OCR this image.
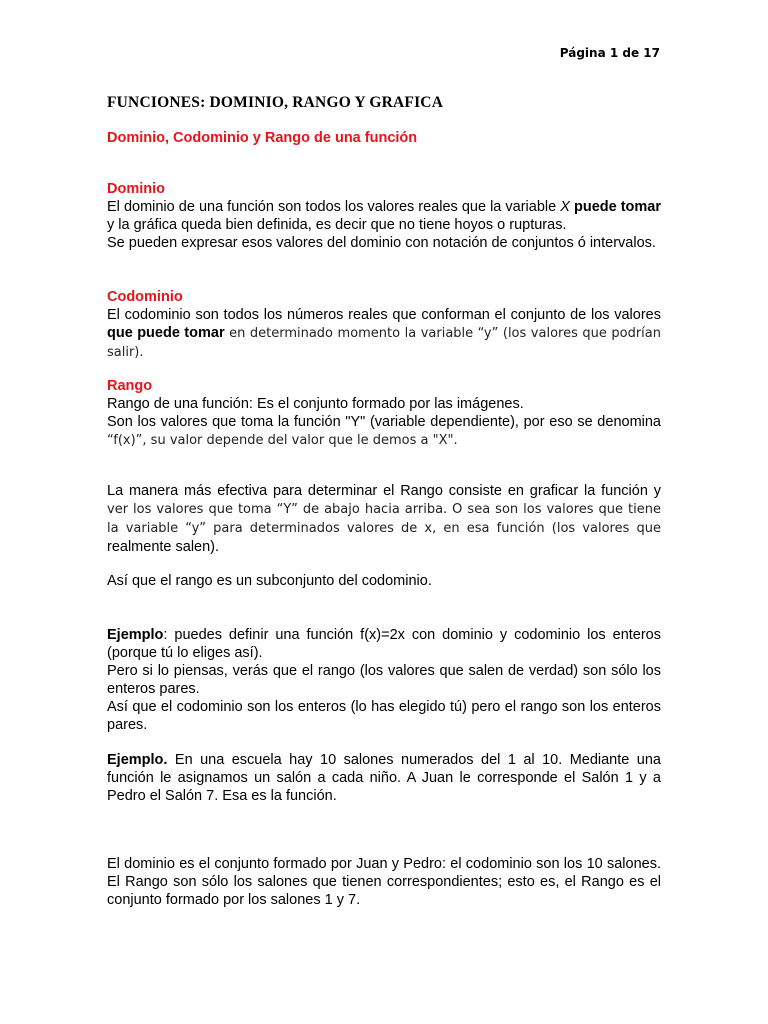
Página 1 de 17
FUNCIONES: DOMINIO, RANGO Y GRAFICA
Dominio, Codominio y Rango de una función
Dominio

El dominio de una función son todos los valores reales que la variable X puede tomar y la gráfica queda bien definida, es decir que no tiene hoyos o rupturas.

Se pueden expresar esos valores del dominio con notación de conjuntos ó intervalos.

Codominio

El codominio son todos los números reales que conforman el conjunto de los valores que puede tomar en determinado momento la variable “y” (los valores que podrían salir).

Rango

Rango de una función: Es el conjunto formado por las imágenes.

Son los valores que toma la función "Y" (variable dependiente), por eso se denomina “f(x)”, su valor depende del valor que le demos a "X".

La manera más efectiva para determinar el Rango consiste en graficar la función y ver los valores que toma “Y” de abajo hacia arriba. O sea son los valores que tiene la variable “y” para determinados valores de x, en esa función (los valores que realmente salen).

Así que el rango es un subconjunto del codominio.

Ejemplo: puedes definir una función f(x)=2x con dominio y codominio los enteros (porque tú lo eliges así).

Pero si lo piensas, verás que el rango (los valores que salen de verdad) son sólo los enteros pares.

Así que el codominio son los enteros (lo has elegido tú) pero el rango son los enteros pares.

Ejemplo. En una escuela hay 10 salones numerados del 1 al 10. Mediante una función le asignamos un salón a cada niño. A Juan le corresponde el Salón 1 y a Pedro el Salón 7. Esa es la función.

El dominio es el conjunto formado por Juan y Pedro: el codominio son los 10 salones. El Rango son sólo los salones que tienen correspondientes; esto es, el Rango es el conjunto formado por los salones 1 y 7.
